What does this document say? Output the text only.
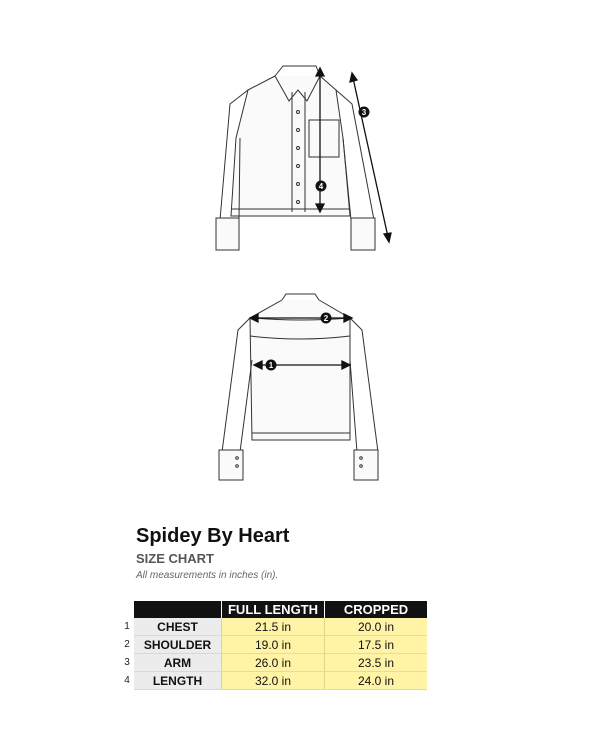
4
3
2
1
Spidey By Heart
SIZE CHART
All measurements in inches (in).
		FULL LENGTH	CROPPED
1	CHEST	21.5 in	20.0 in
2	SHOULDER	19.0 in	17.5 in
3	ARM	26.0 in	23.5 in
4	LENGTH	32.0 in	24.0 in
